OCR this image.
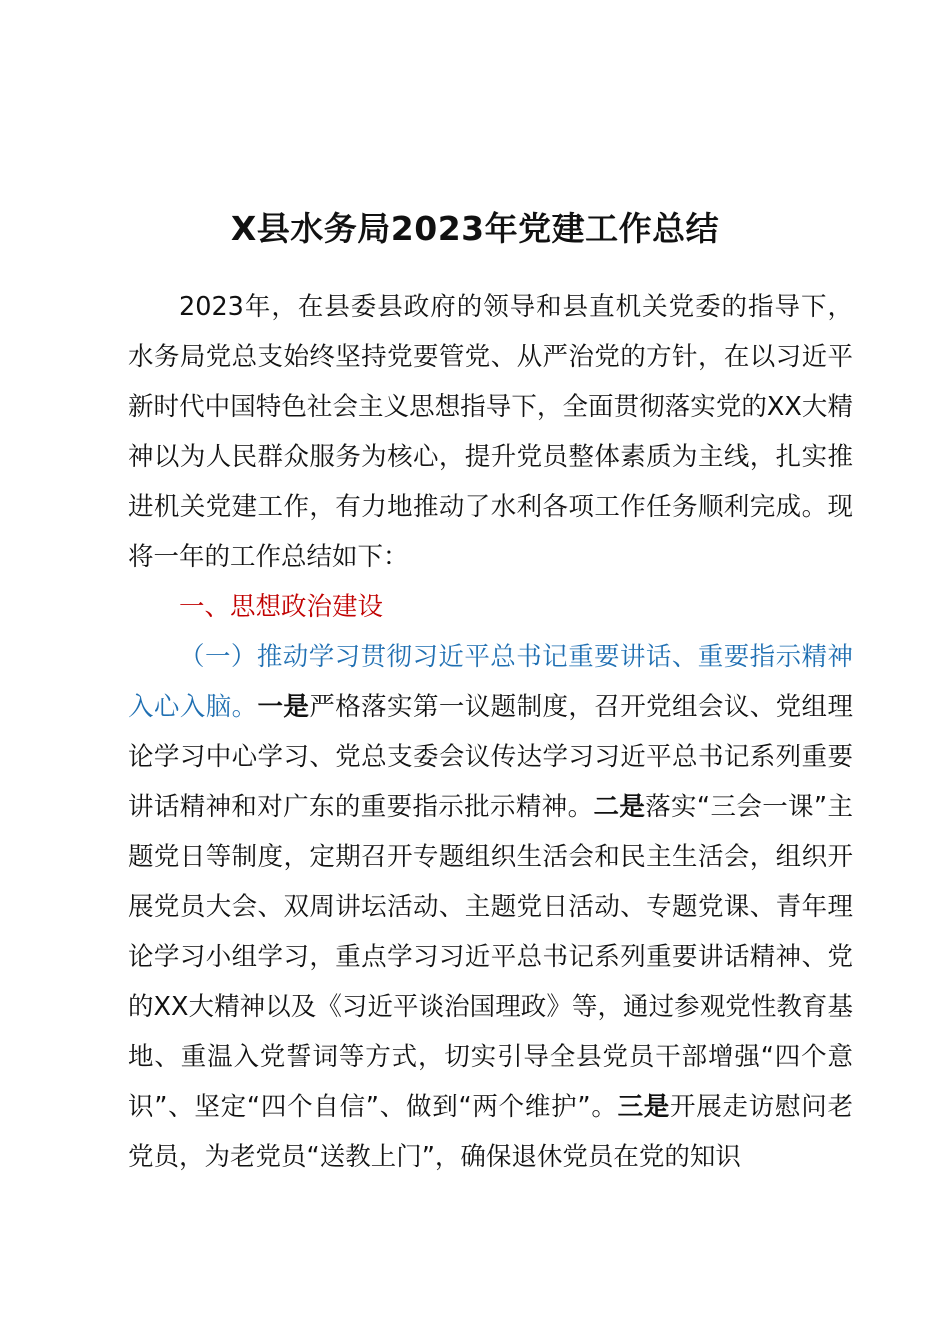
X县水务局2023年党建工作总结

2023年，在县委县政府的领导和县直机关党委的指导下，水务局党总支始终坚持党要管党、从严治党的方针，在以习近平新时代中国特色社会主义思想指导下，全面贯彻落实党的XX大精神以为人民群众服务为核心，提升党员整体素质为主线，扎实推进机关党建工作，有力地推动了水利各项工作任务顺利完成。现将一年的工作总结如下：

一、思想政治建设

（一）推动学习贯彻习近平总书记重要讲话、重要指示精神入心入脑。一是严格落实第一议题制度，召开党组会议、党组理论学习中心学习、党总支委会议传达学习习近平总书记系列重要讲话精神和对广东的重要指示批示精神。二是落实“三会一课”主题党日等制度，定期召开专题组织生活会和民主生活会，组织开展党员大会、双周讲坛活动、主题党日活动、专题党课、青年理论学习小组学习，重点学习习近平总书记系列重要讲话精神、党的XX大精神以及《习近平谈治国理政》等，通过参观党性教育基地、重温入党誓词等方式，切实引导全县党员干部增强“四个意识”、坚定“四个自信”、做到“两个维护”。三是开展走访慰问老党员，为老党员“送教上门”，确保退休党员在党的知识
